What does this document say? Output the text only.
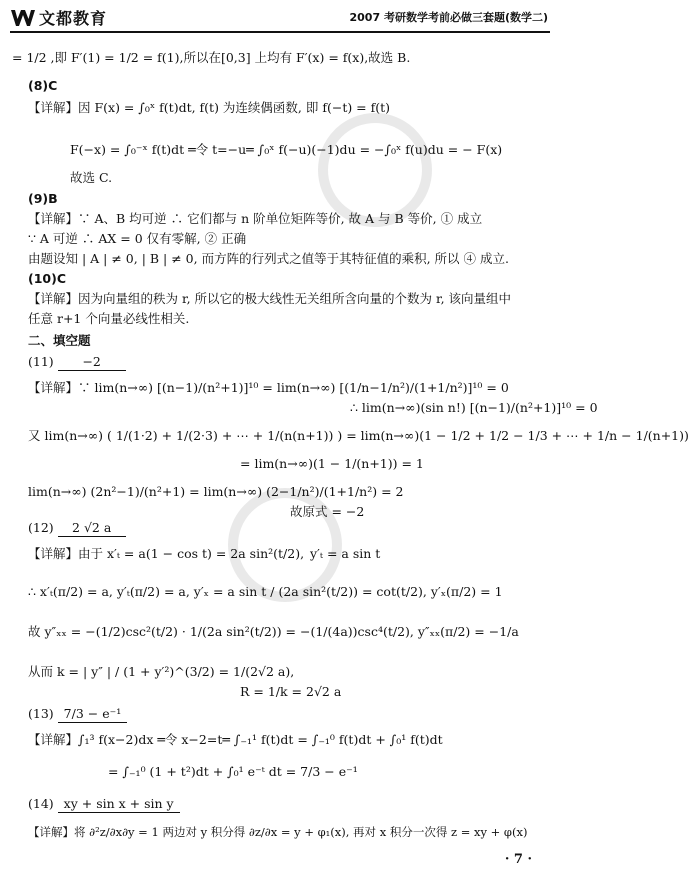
文都教育	2007 考研数学考前必做三套题(数学二)
= 1/2 ,即 F′(1) = 1/2 = f(1),所以在[0,3] 上均有 F′(x) = f(x),故选 B.
(8)C
【详解】因 F(x) = ∫₀ˣ f(t)dt, f(t) 为连续偶函数, 即 f(−t) = f(t)
F(−x) = ∫₀⁻ˣ f(t)dt ═令 t=−u═ ∫₀ˣ f(−u)(−1)du = −∫₀ˣ f(u)du = − F(x)
故选 C.
(9)B
【详解】∵ A、B 均可逆 ∴ 它们都与 n 阶单位矩阵等价, 故 A 与 B 等价, ① 成立
∵ A 可逆 ∴ AX = 0 仅有零解, ② 正确
由题设知 | A | ≠ 0, | B | ≠ 0, 而方阵的行列式之值等于其特征值的乘积, 所以 ④ 成立.
(10)C
【详解】因为向量组的秩为 r, 所以它的极大线性无关组所含向量的个数为 r, 该向量组中
任意 r+1 个向量必线性相关.
二、填空题
(11) −2
【详解】∵ lim(n→∞) [(n−1)/(n²+1)]¹⁰ = lim(n→∞) [(1/n−1/n²)/(1+1/n²)]¹⁰ = 0
∴ lim(n→∞)(sin n!) [(n−1)/(n²+1)]¹⁰ = 0
又 lim(n→∞) ( 1/(1·2) + 1/(2·3) + ⋯ + 1/(n(n+1)) ) = lim(n→∞)(1 − 1/2 + 1/2 − 1/3 + ⋯ + 1/n − 1/(n+1))
= lim(n→∞)(1 − 1/(n+1)) = 1
lim(n→∞) (2n²−1)/(n²+1) = lim(n→∞) (2−1/n²)/(1+1/n²) = 2
故原式 = −2
(12) 2 √2 a
【详解】由于 x′ₜ = a(1 − cos t) = 2a sin²(t/2), y′ₜ = a sin t
∴ x′ₜ(π/2) = a, y′ₜ(π/2) = a, y′ₓ = a sin t / (2a sin²(t/2)) = cot(t/2), y′ₓ(π/2) = 1
故 y″ₓₓ = −(1/2)csc²(t/2) · 1/(2a sin²(t/2)) = −(1/(4a))csc⁴(t/2), y″ₓₓ(π/2) = −1/a
从而 k = | y″ | / (1 + y′²)^(3/2) = 1/(2√2 a),
R = 1/k = 2√2 a
(13) 7/3 − e⁻¹
【详解】∫₁³ f(x−2)dx ═令 x−2=t═ ∫₋₁¹ f(t)dt = ∫₋₁⁰ f(t)dt + ∫₀¹ f(t)dt
= ∫₋₁⁰ (1 + t²)dt + ∫₀¹ e⁻ᵗ dt = 7/3 − e⁻¹
(14) xy + sin x + sin y
【详解】将 ∂²z/∂x∂y = 1 两边对 y 积分得 ∂z/∂x = y + φ₁(x), 再对 x 积分一次得 z = xy + φ(x)
· 7 ·
